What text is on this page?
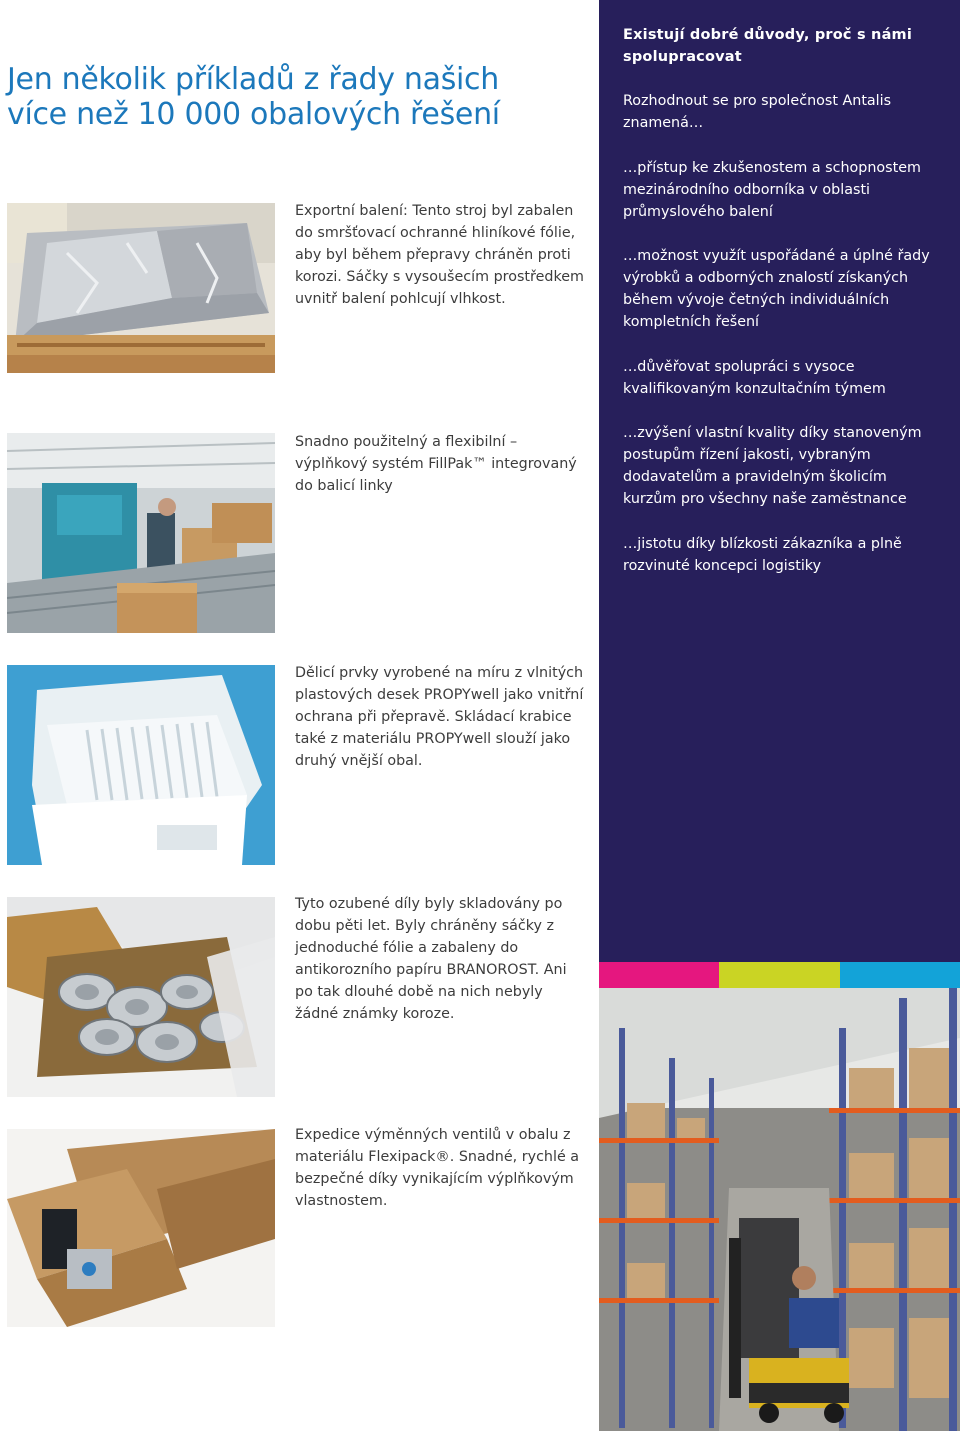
Jen několik příkladů z řady našich více než 10 000 obalových řešení

Exportní balení: Tento stroj byl zabalen do smršťovací ochranné hliníkové fólie, aby byl během přepravy chráněn proti korozi. Sáčky s vysoušecím prostředkem uvnitř balení pohlcují vlhkost.

Snadno použitelný a flexibilní – výplňkový systém FillPak™ integrovaný do balicí linky

Dělicí prvky vyrobené na míru z vlnitých plastových desek PROPYwell jako vnitřní ochrana při přepravě. Skládací krabice také z materiálu PROPYwell slouží jako druhý vnější obal.

Tyto ozubené díly byly skladovány po dobu pěti let. Byly chráněny sáčky z jednoduché fólie a zabaleny do antikorozního papíru BRANOROST. Ani po tak dlouhé době na nich nebyly žádné známky koroze.

Expedice výměnných ventilů v obalu z materiálu Flexipack®. Snadné, rychlé a bezpečné díky vynikajícím výplňkovým vlastnostem.

Existují dobré důvody, proč s námi spolupracovat

Rozhodnout se pro společnost Antalis znamená…

…přístup ke zkušenostem a schopnostem mezinárodního odborníka v oblasti průmyslového balení

…možnost využít uspořádané a úplné řady výrobků a odborných znalostí získaných během vývoje četných individuálních kompletních řešení

…důvěřovat spolupráci s vysoce kvalifikovaným konzultačním týmem

…zvýšení vlastní kvality díky stanoveným postupům řízení jakosti, vybraným dodavatelům a pravidelným školicím kurzům pro všechny naše zaměstnance

…jistotu díky blízkosti zákazníka a plně rozvinuté koncepci logistiky
